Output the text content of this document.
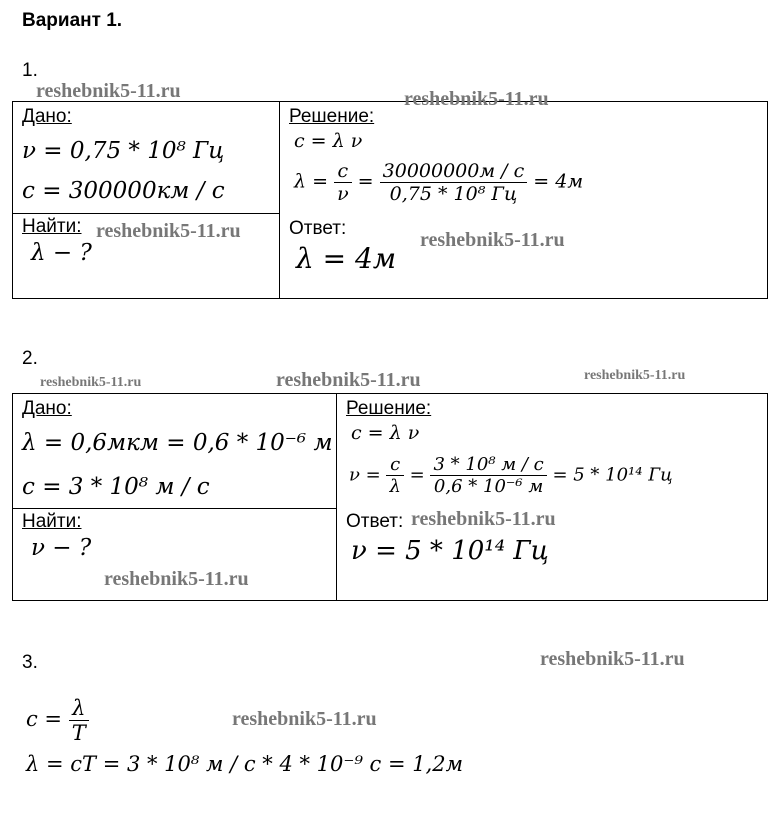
Вариант 1.
1.
Дано:
ν = 0,75 * 10⁸ Гц
c = 300000км / с

Решение:
c = λ ν
$\lambda = \frac{c}{\nu} = \frac{30000000м / с}{\text{0,75 * 10⁸ Гц}} = 4м$
Ответ:
λ = 4м

Найти:
λ − ?
2.
Дано:
λ = 0,6мкм = 0,6 * 10⁻⁶ м
c = 3 * 10⁸ м / с

Решение:
c = λ ν
$\nu = \frac{c}{\lambda} = \frac{\text{3 * 10⁸ м / с}}{\text{0,6 * 10⁻⁶ м}} = 5 * 10^{14}$ Гц
Ответ:
ν = 5 * 10¹⁴ Гц

Найти:
ν − ?
3.
$c = \frac{\lambda}{T}$
λ = cT = 3 * 10⁸ м / с * 4 * 10⁻⁹ с = 1,2м
reshebnik5-11.ru	reshebnik5-11.ru
reshebnik5-11.ru	reshebnik5-11.ru
reshebnik5-11.ru	reshebnik5-11.ru	reshebnik5-11.ru
reshebnik5-11.ru
reshebnik5-11.ru
reshebnik5-11.ru
reshebnik5-11.ru
